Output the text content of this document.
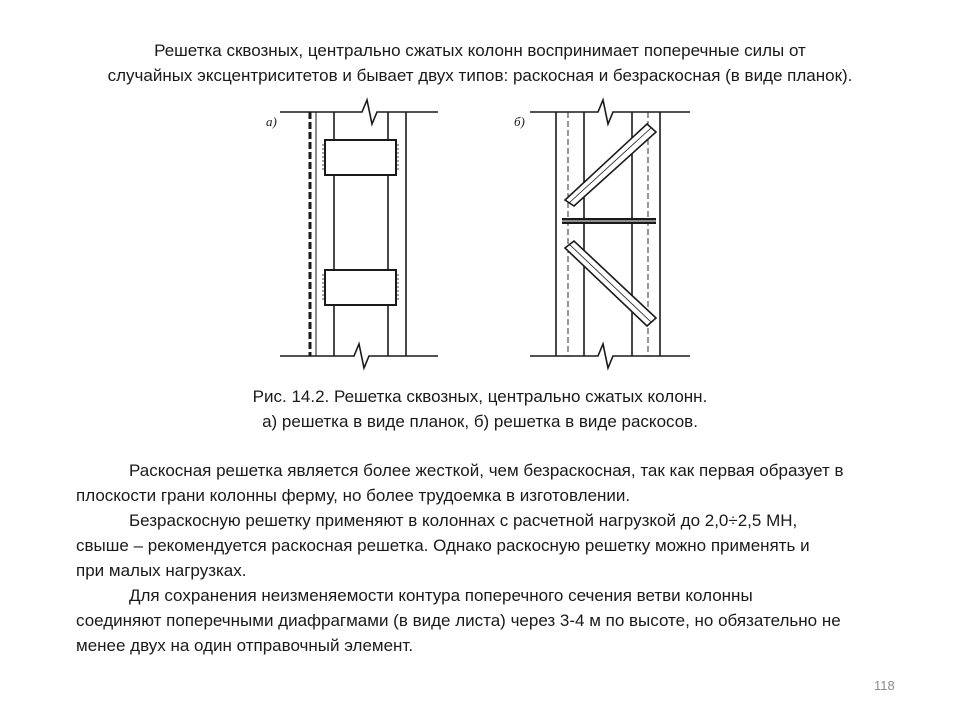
Решетка сквозных, центрально сжатых колонн воспринимает поперечные силы от
случайных эксцентриситетов и бывает двух типов: раскосная и безраскосная (в виде планок).
а)	б)
Рис. 14.2. Решетка сквозных, центрально сжатых колонн.
а) решетка в виде планок, б) решетка в виде раскосов.
Раскосная решетка является более жесткой, чем безраскосная, так как первая образует в
плоскости грани колонны ферму, но более трудоемка в изготовлении.
Безраскосную решетку применяют в колоннах с расчетной нагрузкой до 2,0÷2,5 МН,
свыше – рекомендуется раскосная решетка. Однако раскосную решетку можно применять и
при малых нагрузках.
Для сохранения неизменяемости контура поперечного сечения ветви колонны
соединяют поперечными диафрагмами (в виде листа) через 3-4 м по высоте, но обязательно не
менее двух на один отправочный элемент.
118
